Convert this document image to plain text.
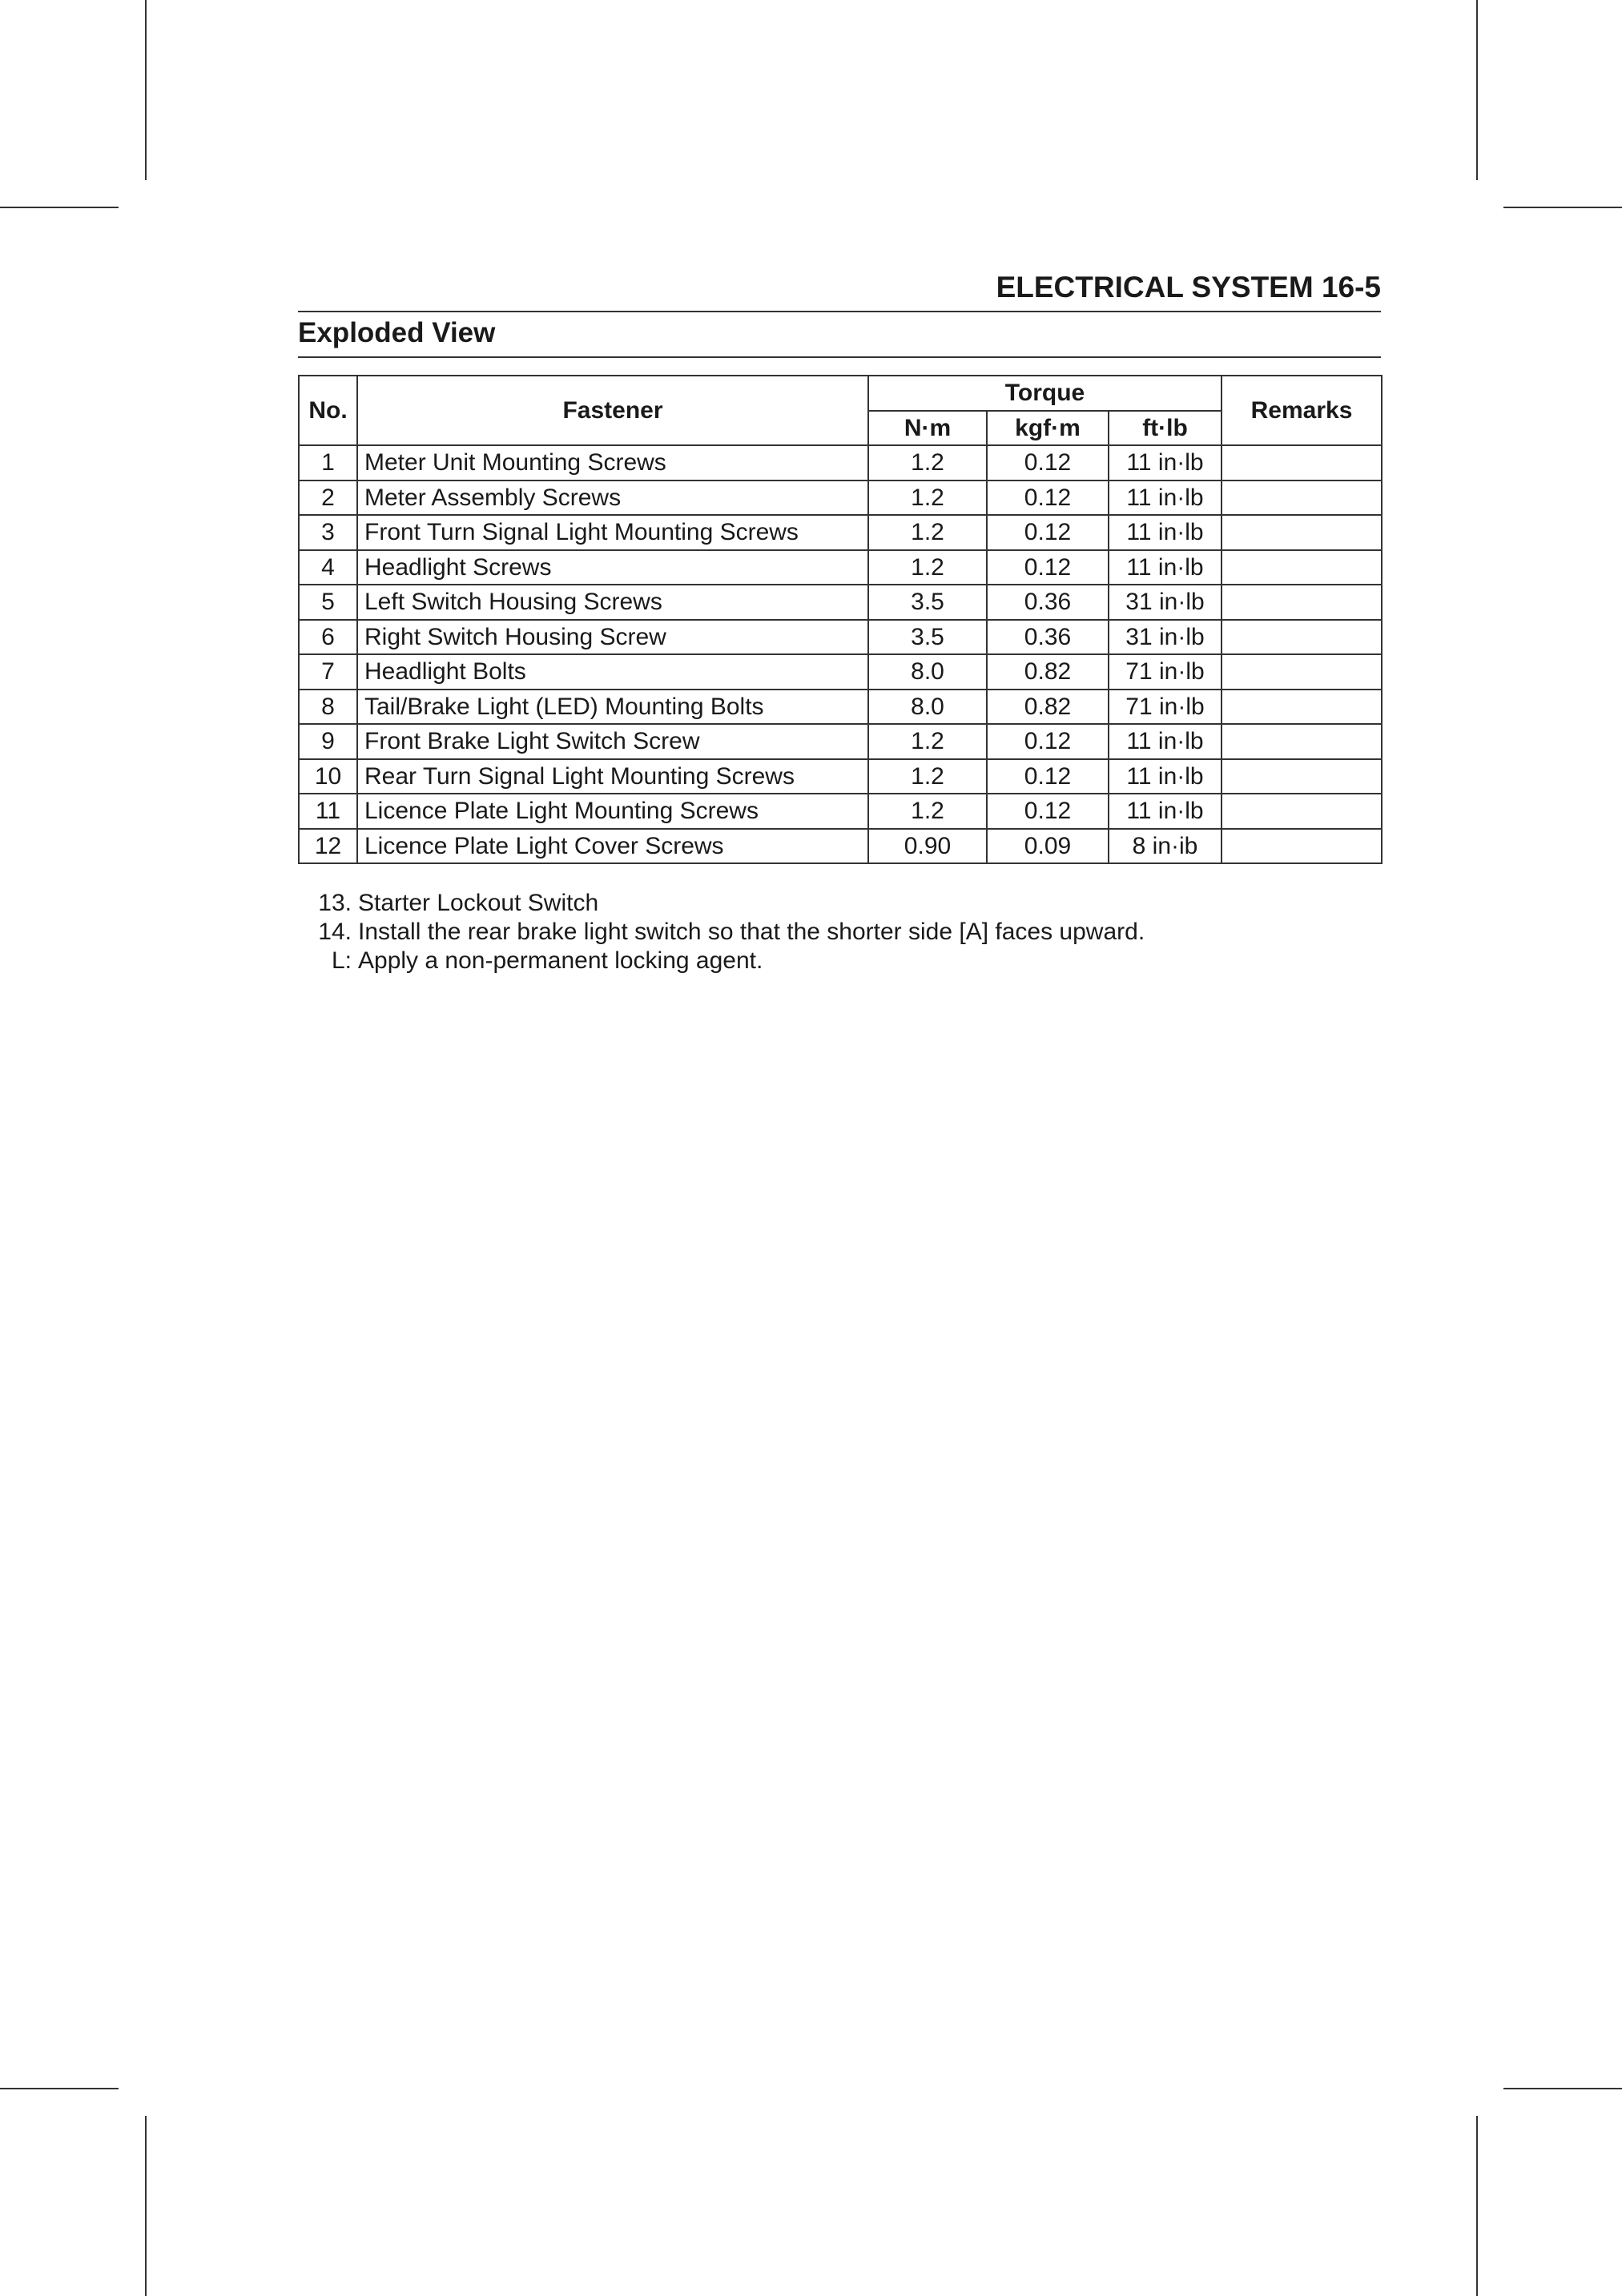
ELECTRICAL SYSTEM 16-5
Exploded View
No.	Fastener	Torque			Remarks
		N·m	kgf·m	ft·lb	
1	Meter Unit Mounting Screws	1.2	0.12	11 in·lb	
2	Meter Assembly Screws	1.2	0.12	11 in·lb	
3	Front Turn Signal Light Mounting Screws	1.2	0.12	11 in·lb	
4	Headlight Screws	1.2	0.12	11 in·lb	
5	Left Switch Housing Screws	3.5	0.36	31 in·lb	
6	Right Switch Housing Screw	3.5	0.36	31 in·lb	
7	Headlight Bolts	8.0	0.82	71 in·lb	
8	Tail/Brake Light (LED) Mounting Bolts	8.0	0.82	71 in·lb	
9	Front Brake Light Switch Screw	1.2	0.12	11 in·lb	
10	Rear Turn Signal Light Mounting Screws	1.2	0.12	11 in·lb	
11	Licence Plate Light Mounting Screws	1.2	0.12	11 in·lb	
12	Licence Plate Light Cover Screws	0.90	0.09	8 in·ib	
13. Starter Lockout Switch
14. Install the rear brake light switch so that the shorter side [A] faces upward.
L: Apply a non-permanent locking agent.
